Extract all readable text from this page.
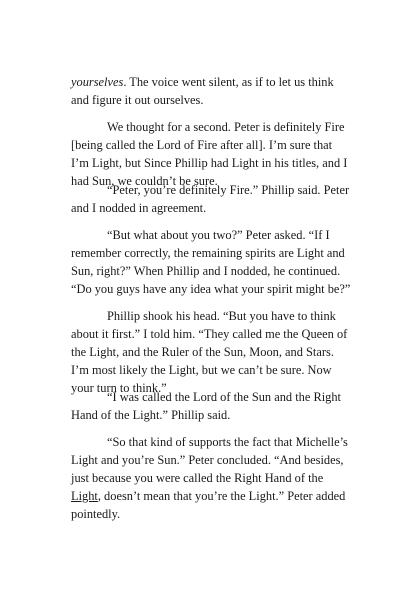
yourselves. The voice went silent, as if to let us think and figure it out ourselves.

We thought for a second. Peter is definitely Fire [being called the Lord of Fire after all]. I’m sure that I’m Light, but Since Phillip had Light in his titles, and I had Sun, we couldn’t be sure.

“Peter, you’re definitely Fire.” Phillip said. Peter and I nodded in agreement.

“But what about you two?” Peter asked. “If I remember correctly, the remaining spirits are Light and Sun, right?” When Phillip and I nodded, he continued. “Do you guys have any idea what your spirit might be?”

Phillip shook his head. “But you have to think about it first.” I told him. “They called me the Queen of the Light, and the Ruler of the Sun, Moon, and Stars. I’m most likely the Light, but we can’t be sure. Now your turn to think.”

“I was called the Lord of the Sun and the Right Hand of the Light.” Phillip said.

“So that kind of supports the fact that Michelle’s Light and you’re Sun.” Peter concluded. “And besides, just because you were called the Right Hand of the Light, doesn’t mean that you’re the Light.” Peter added pointedly.
